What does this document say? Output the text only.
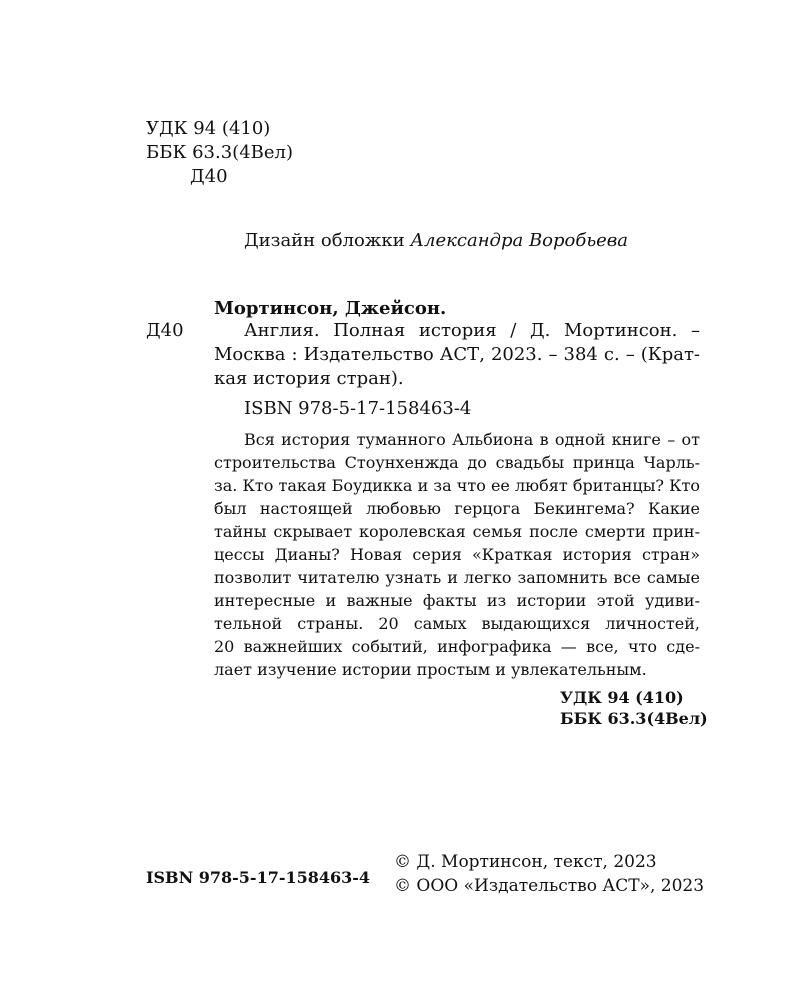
УДК 94 (410)
ББК 63.3(4Вел)
Д40
Дизайн обложки Александра Воробьева
Мортинсон, Джейсон.
Д40	Англия. Полная история / Д. Мортинсон. –
Москва : Издательство АСТ, 2023. – 384 с. – (Крат-
кая история стран).
ISBN 978-5-17-158463-4
Вся история туманного Альбиона в одной книге – от
строительства Стоунхенжда до свадьбы принца Чарль-
за. Кто такая Боудикка и за что ее любят британцы? Кто
был настоящей любовью герцога Бекингема? Какие
тайны скрывает королевская семья после смерти прин-
цессы Дианы? Новая серия «Краткая история стран»
позволит читателю узнать и легко запомнить все самые
интересные и важные факты из истории этой удиви-
тельной страны. 20 самых выдающихся личностей,
20 важнейших событий, инфографика — все, что сде-
лает изучение истории простым и увлекательным.
УДК 94 (410)
ББК 63.3(4Вел)
ISBN 978-5-17-158463-4
© Д. Мортинсон, текст, 2023
© ООО «Издательство АСТ», 2023
